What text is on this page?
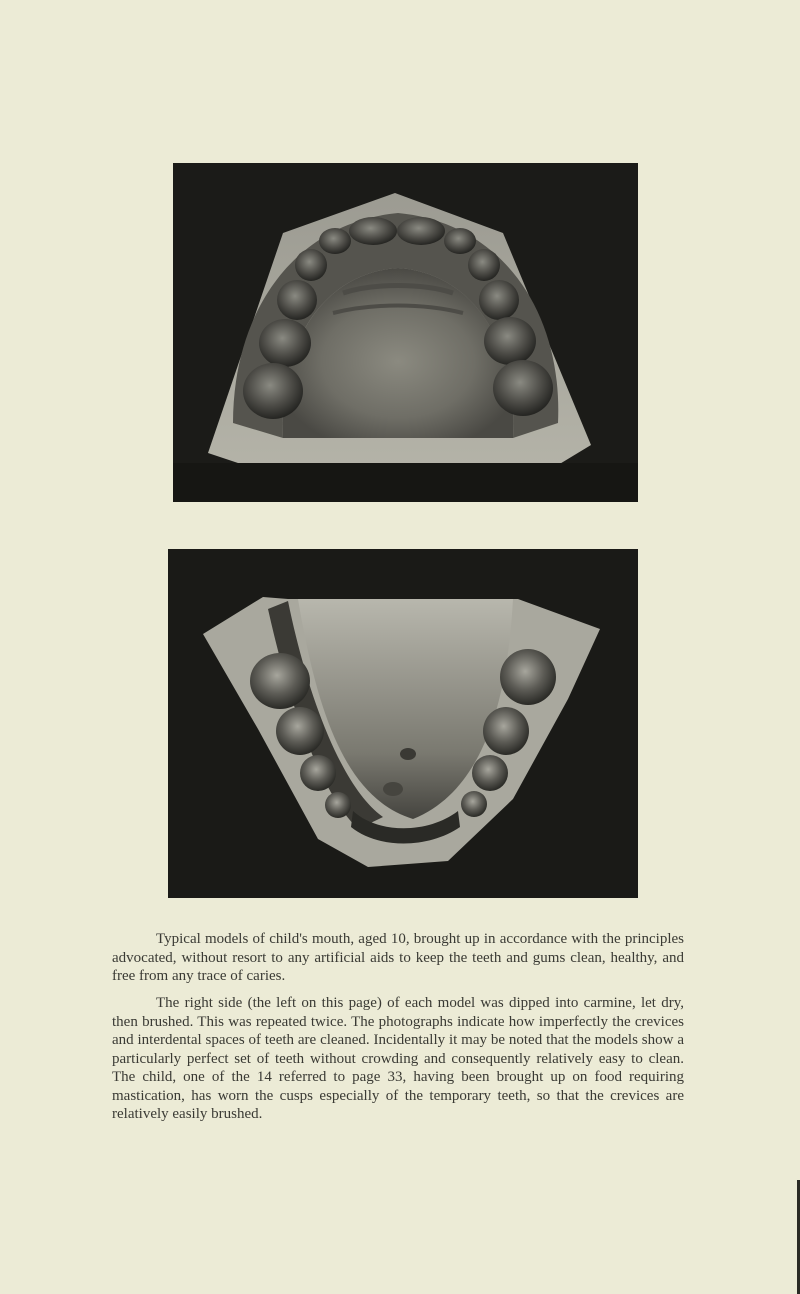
Typical models of child's mouth, aged 10, brought up in accordance with the principles advocated, without resort to any artificial aids to keep the teeth and gums clean, healthy, and free from any trace of caries.

The right side (the left on this page) of each model was dipped into carmine, let dry, then brushed. This was repeated twice. The photographs indicate how imperfectly the crevices and interdental spaces of teeth are cleaned. Incidentally it may be noted that the models show a particularly perfect set of teeth without crowding and consequently relatively easy to clean. The child, one of the 14 referred to page 33, having been brought up on food requiring mastication, has worn the cusps especially of the temporary teeth, so that the crevices are relatively easily brushed.
